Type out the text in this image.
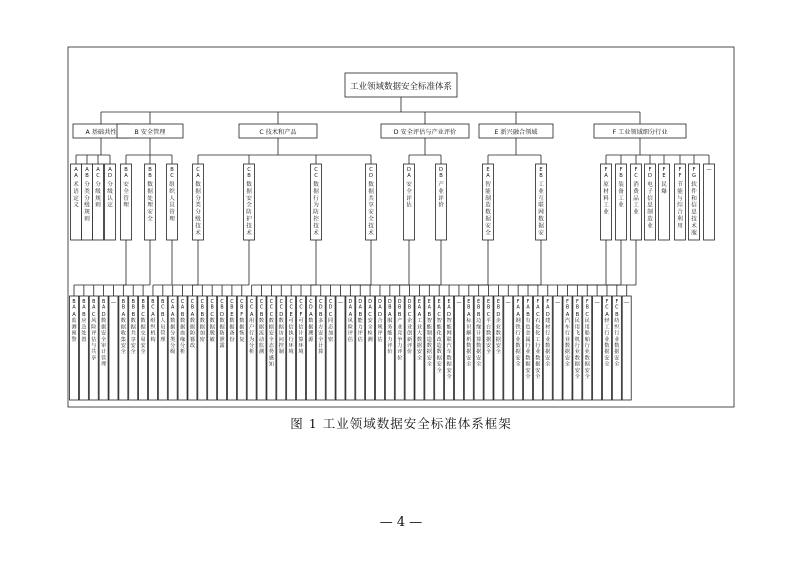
工业领域数据安全标准体系
A 基础共性
A A
术语定义
A B
分类分级规则
A C
分级规则
A D
分级认定
B 安全管理
B A
安全管理
B A
A 监测预警
B A
B 应急处置
B A
C 风险评估与共享
B A
D 数据安全审计管理
—
B B
数据处理安全
B B
A 数据收集安全
B B
B 数据共享安全
B B
C 数据交易安全
B C
组织人员管理
B C
A 组织机构
B C
B 人员管理
C 技术和产品
C A
数据分类分级技术
C A
A 数据分类分级
C A
B 数据血缘分析
C B
数据安全防护技术
C B
A 数据防篡改
C B
B 数据加密
C B
C 数据脱敏
C B
D 数据防泄露
C B
E 数据备份
C B
F 数据恢复
C C
数据行为防控技术
C C
A 用户行为分析
C C
B 数据流动监测
C C
C 数据安全态势感知
C C
D 数据访问控制
C C
E 可信执行环境
C C
F 可信计算环境
C D
数据共享安全技术
C D
A 数据溯源
C D
B 多方安全计算
C D
C 同态加密
—
D 安全评估与产业评价
D A
安全评估
D A
A 风险评估
D A
B 能力评估
D A
C 安全检测
D A
D 合规评估
D B
产业评价
D B
A 服务能力评价
D B
B 产业竞争力评价
D B
C 企业创新评价
E 新兴融合领域
E A
智能制造数据安全
E A
A 工业大数据安全
E A
B 智能制造数据安全
E A
C 智能化改造数据安全
E A
D 智能网联汽车数据安全
—
E B
工业互联网数据安
E B
A 标识解析数据安全
E B
B 边缘计算数据安全
E B
C 平台数据安全
E B
D 企业数据安全
—
F 工业领域细分行业
F A
原材料工业
F A
A 钢铁行业数据安全
F A
B 有色金属行业数据安全
F A
C 石化化工行业数据安全
F A
D 建材行业数据安全
—
F B
装备工业
F B
A 汽车行业数据安全
F B
B 民用飞机行业数据安全
F B
C 民用船舶行业数据安全
—
F C
消费品工业
F C
A 轻工行业数据安全
F C
B 纺织行业数据安全
—
F D
电子信息制造业
F E
民爆
F F
节能与综合利用
F G
软件和信息技术服
—
图 1 工业领域数据安全标准体系框架
— 4 —
